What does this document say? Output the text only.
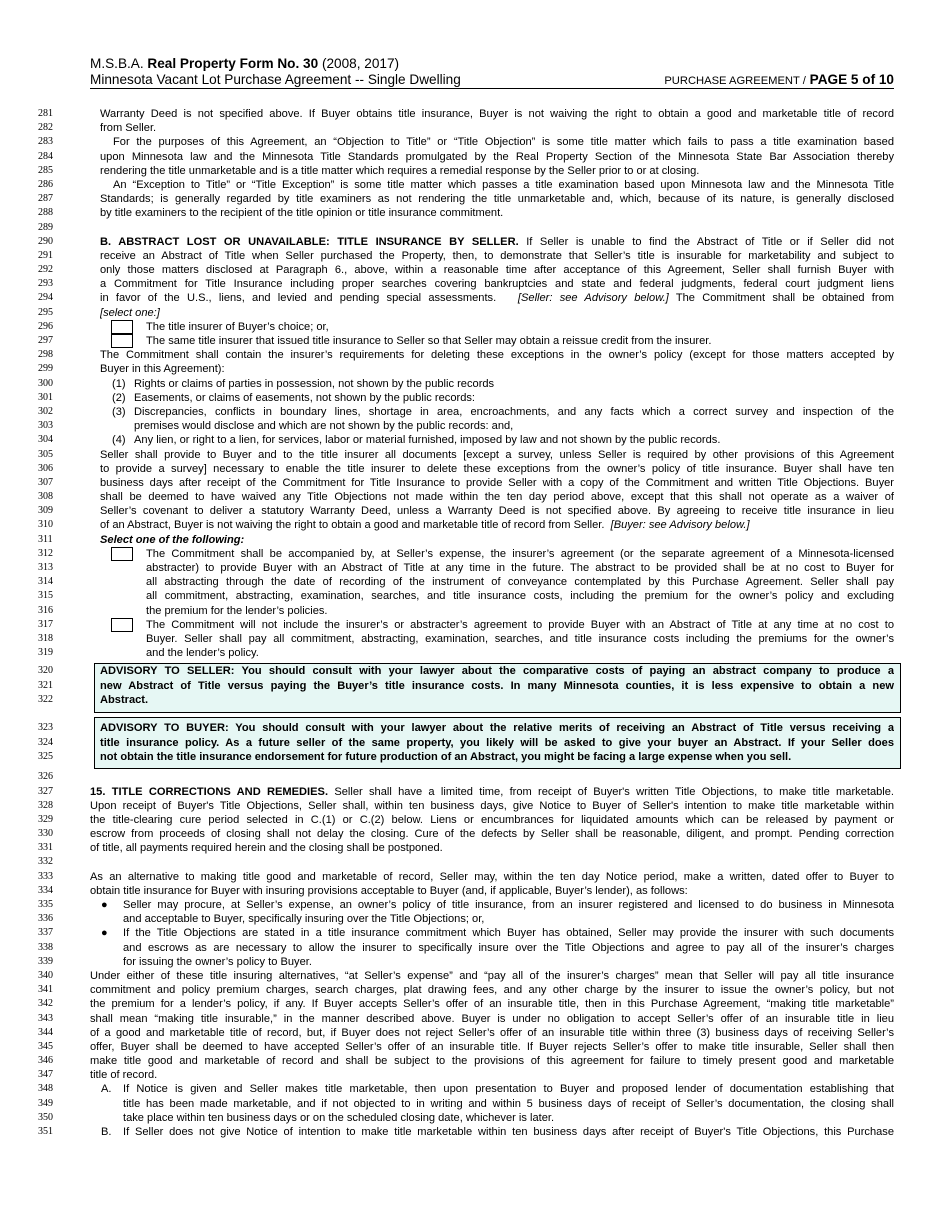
M.S.B.A. Real Property Form No. 30 (2008, 2017)
Minnesota Vacant Lot Purchase Agreement -- Single Dwelling	PURCHASE AGREEMENT / PAGE 5 of 10
281	Warranty Deed is not specified above. If Buyer obtains title insurance, Buyer is not waiving the right to obtain a good and marketable title of record
282	from Seller.
283	For the purposes of this Agreement, an “Objection to Title” or “Title Objection” is some title matter which fails to pass a title examination based
284	upon Minnesota law and the Minnesota Title Standards promulgated by the Real Property Section of the Minnesota State Bar Association thereby
285	rendering the title unmarketable and is a title matter which requires a remedial response by the Seller prior to or at closing.
286	An “Exception to Title” or “Title Exception” is some title matter which passes a title examination based upon Minnesota law and the Minnesota Title
287	Standards; is generally regarded by title examiners as not rendering the title unmarketable and, which, because of its nature, is generally disclosed
288	by title examiners to the recipient of the title opinion or title insurance commitment.
289
290	B. ABSTRACT LOST OR UNAVAILABLE: TITLE INSURANCE BY SELLER. If Seller is unable to find the Abstract of Title or if Seller did not
291	receive an Abstract of Title when Seller purchased the Property, then, to demonstrate that Seller’s title is insurable for marketability and subject to
292	only those matters disclosed at Paragraph 6., above, within a reasonable time after acceptance of this Agreement, Seller shall furnish Buyer with
293	a Commitment for Title Insurance including proper searches covering bankruptcies and state and federal judgments, federal court judgment liens
294	in favor of the U.S., liens, and levied and pending special assessments. [Seller: see Advisory below.] The Commitment shall be obtained from
295	[select one:]
296	The title insurer of Buyer’s choice; or,
297	The same title insurer that issued title insurance to Seller so that Seller may obtain a reissue credit from the insurer.
298	The Commitment shall contain the insurer’s requirements for deleting these exceptions in the owner’s policy (except for those matters accepted by
299	Buyer in this Agreement):
300	(1) Rights or claims of parties in possession, not shown by the public records
301	(2) Easements, or claims of easements, not shown by the public records:
302	(3) Discrepancies, conflicts in boundary lines, shortage in area, encroachments, and any facts which a correct survey and inspection of the
303	premises would disclose and which are not shown by the public records: and,
304	(4) Any lien, or right to a lien, for services, labor or material furnished, imposed by law and not shown by the public records.
305	Seller shall provide to Buyer and to the title insurer all documents [except a survey, unless Seller is required by other provisions of this Agreement
306	to provide a survey] necessary to enable the title insurer to delete these exceptions from the owner’s policy of title insurance. Buyer shall have ten
307	business days after receipt of the Commitment for Title Insurance to provide Seller with a copy of the Commitment and written Title Objections. Buyer
308	shall be deemed to have waived any Title Objections not made within the ten day period above, except that this shall not operate as a waiver of
309	Seller’s covenant to deliver a statutory Warranty Deed, unless a Warranty Deed is not specified above. By agreeing to receive title insurance in lieu
310	of an Abstract, Buyer is not waiving the right to obtain a good and marketable title of record from Seller. [Buyer: see Advisory below.]
311	Select one of the following:
312	The Commitment shall be accompanied by, at Seller’s expense, the insurer’s agreement (or the separate agreement of a Minnesota-licensed
313	abstracter) to provide Buyer with an Abstract of Title at any time in the future. The abstract to be provided shall be at no cost to Buyer for
314	all abstracting through the date of recording of the instrument of conveyance contemplated by this Purchase Agreement. Seller shall pay
315	all commitment, abstracting, examination, searches, and title insurance costs, including the premium for the owner’s policy and excluding
316	the premium for the lender’s policies.
317	The Commitment will not include the insurer’s or abstracter’s agreement to provide Buyer with an Abstract of Title at any time at no cost to
318	Buyer. Seller shall pay all commitment, abstracting, examination, searches, and title insurance costs including the premiums for the owner’s
319	and the lender’s policy.
320	ADVISORY TO SELLER: You should consult with your lawyer about the comparative costs of paying an abstract company to produce a
321	new Abstract of Title versus paying the Buyer’s title insurance costs. In many Minnesota counties, it is less expensive to obtain a new
322	Abstract.
323	ADVISORY TO BUYER: You should consult with your lawyer about the relative merits of receiving an Abstract of Title versus receiving a
324	title insurance policy. As a future seller of the same property, you likely will be asked to give your buyer an Abstract. If your Seller does
325	not obtain the title insurance endorsement for future production of an Abstract, you might be facing a large expense when you sell.
326
327	15. TITLE CORRECTIONS AND REMEDIES. Seller shall have a limited time, from receipt of Buyer's written Title Objections, to make title marketable.
328	Upon receipt of Buyer's Title Objections, Seller shall, within ten business days, give Notice to Buyer of Seller's intention to make title marketable within
329	the title-clearing cure period selected in C.(1) or C.(2) below. Liens or encumbrances for liquidated amounts which can be released by payment or
330	escrow from proceeds of closing shall not delay the closing. Cure of the defects by Seller shall be reasonable, diligent, and prompt. Pending correction
331	of title, all payments required herein and the closing shall be postponed.
332
333	As an alternative to making title good and marketable of record, Seller may, within the ten day Notice period, make a written, dated offer to Buyer to
334	obtain title insurance for Buyer with insuring provisions acceptable to Buyer (and, if applicable, Buyer’s lender), as follows:
335	● Seller may procure, at Seller’s expense, an owner’s policy of title insurance, from an insurer registered and licensed to do business in Minnesota
336	and acceptable to Buyer, specifically insuring over the Title Objections; or,
337	● If the Title Objections are stated in a title insurance commitment which Buyer has obtained, Seller may provide the insurer with such documents
338	and escrows as are necessary to allow the insurer to specifically insure over the Title Objections and agree to pay all of the insurer’s charges
339	for issuing the owner’s policy to Buyer.
340	Under either of these title insuring alternatives, “at Seller’s expense” and “pay all of the insurer’s charges” mean that Seller will pay all title insurance
341	commitment and policy premium charges, search charges, plat drawing fees, and any other charge by the insurer to issue the owner’s policy, but not
342	the premium for a lender’s policy, if any. If Buyer accepts Seller’s offer of an insurable title, then in this Purchase Agreement, “making title marketable”
343	shall mean “making title insurable,” in the manner described above. Buyer is under no obligation to accept Seller’s offer of an insurable title in lieu
344	of a good and marketable title of record, but, if Buyer does not reject Seller’s offer of an insurable title within three (3) business days of receiving Seller’s
345	offer, Buyer shall be deemed to have accepted Seller’s offer of an insurable title. If Buyer rejects Seller’s offer to make title insurable, Seller shall then
346	make title good and marketable of record and shall be subject to the provisions of this agreement for failure to timely present good and marketable
347	title of record.
348	A. If Notice is given and Seller makes title marketable, then upon presentation to Buyer and proposed lender of documentation establishing that
349	title has been made marketable, and if not objected to in writing and within 5 business days of receipt of Seller’s documentation, the closing shall
350	take place within ten business days or on the scheduled closing date, whichever is later.
351	B. If Seller does not give Notice of intention to make title marketable within ten business days after receipt of Buyer's Title Objections, this Purchase
